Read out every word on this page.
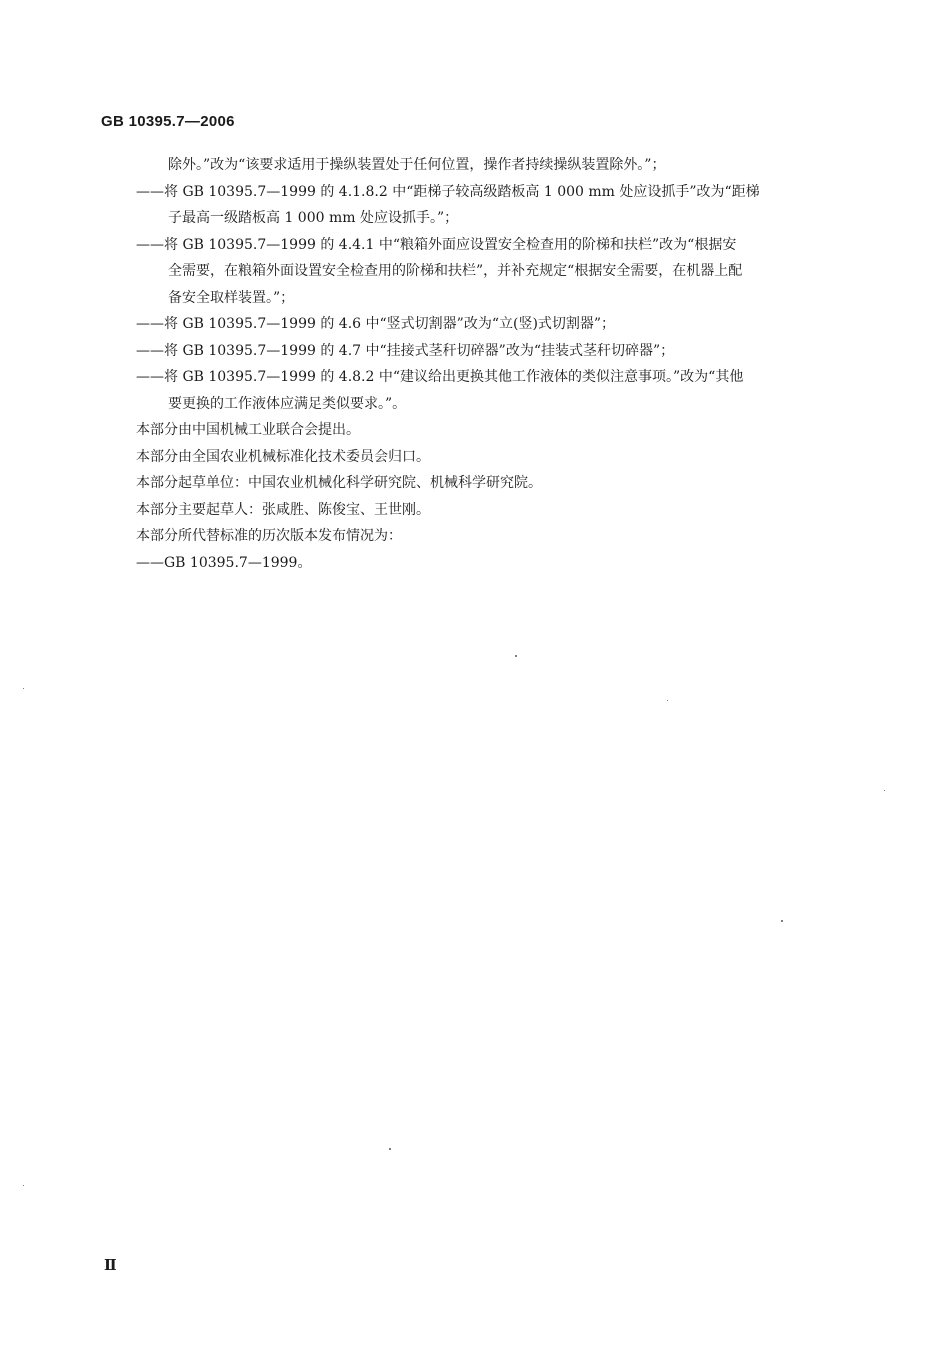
GB 10395.7—2006
除外。”改为“该要求适用于操纵装置处于任何位置，操作者持续操纵装置除外。”；
——将 GB 10395.7—1999 的 4.1.8.2 中“距梯子较高级踏板高 1 000 mm 处应设抓手”改为“距梯
子最高一级踏板高 1 000 mm 处应设抓手。”；
——将 GB 10395.7—1999 的 4.4.1 中“粮箱外面应设置安全检查用的阶梯和扶栏”改为“根据安
全需要，在粮箱外面设置安全检查用的阶梯和扶栏”，并补充规定“根据安全需要，在机器上配
备安全取样装置。”；
——将 GB 10395.7—1999 的 4.6 中“竖式切割器”改为“立(竖)式切割器”；
——将 GB 10395.7—1999 的 4.7 中“挂接式茎秆切碎器”改为“挂装式茎秆切碎器”；
——将 GB 10395.7—1999 的 4.8.2 中“建议给出更换其他工作液体的类似注意事项。”改为“其他
要更换的工作液体应满足类似要求。”。
本部分由中国机械工业联合会提出。
本部分由全国农业机械标准化技术委员会归口。
本部分起草单位：中国农业机械化科学研究院、机械科学研究院。
本部分主要起草人：张咸胜、陈俊宝、王世刚。
本部分所代替标准的历次版本发布情况为：
——GB 10395.7—1999。
Ⅱ
